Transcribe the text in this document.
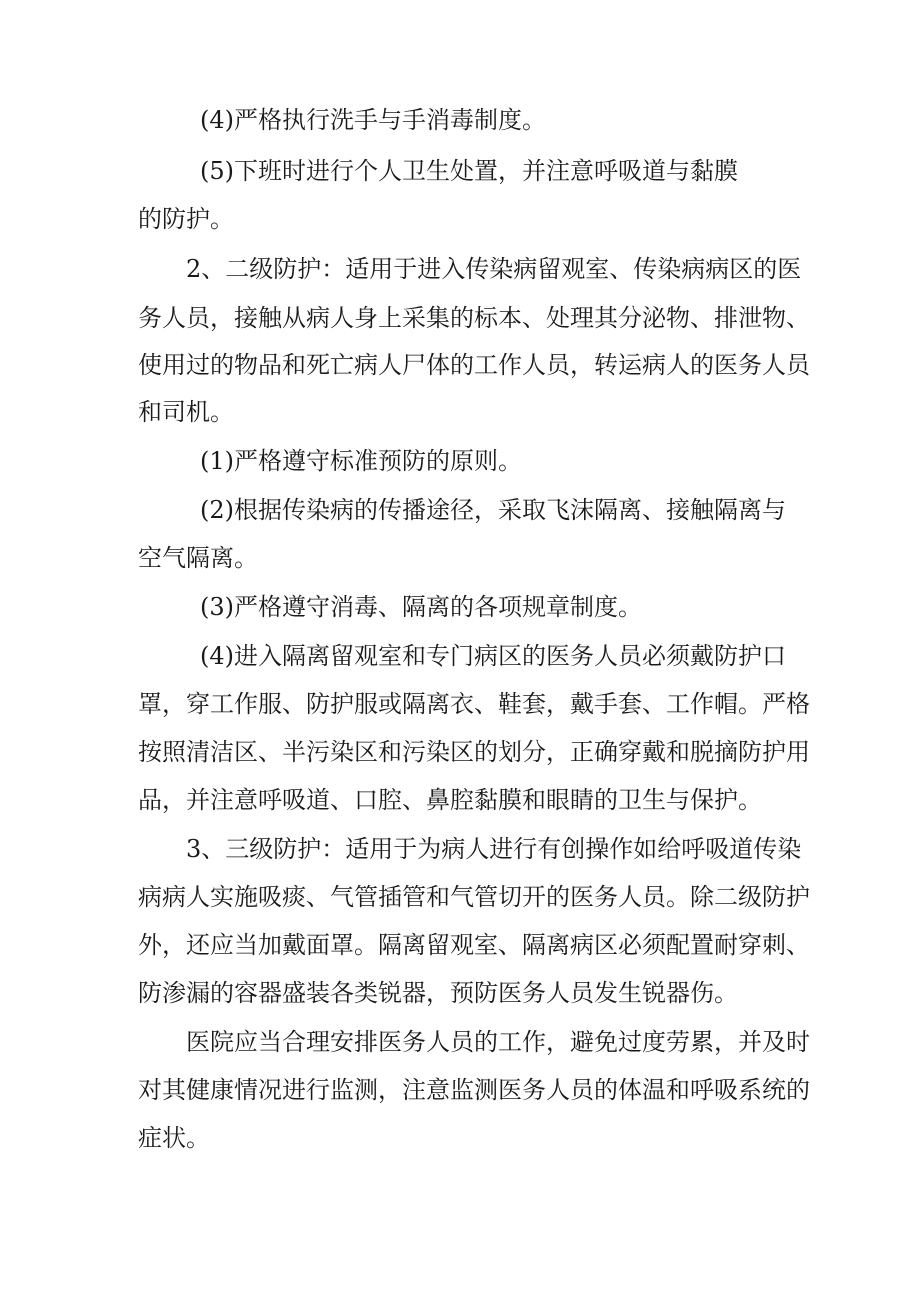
(4)严格执行洗手与手消毒制度。
(5)下班时进行个人卫生处置，并注意呼吸道与黏膜
的防护。
2、二级防护：适用于进入传染病留观室、传染病病区的医
务人员，接触从病人身上采集的标本、处理其分泌物、排泄物、
使用过的物品和死亡病人尸体的工作人员，转运病人的医务人员
和司机。
(1)严格遵守标准预防的原则。
(2)根据传染病的传播途径，采取飞沫隔离、接触隔离与
空气隔离。
(3)严格遵守消毒、隔离的各项规章制度。
(4)进入隔离留观室和专门病区的医务人员必须戴防护口
罩，穿工作服、防护服或隔离衣、鞋套，戴手套、工作帽。严格
按照清洁区、半污染区和污染区的划分，正确穿戴和脱摘防护用
品，并注意呼吸道、口腔、鼻腔黏膜和眼睛的卫生与保护。
3、三级防护：适用于为病人进行有创操作如给呼吸道传染
病病人实施吸痰、气管插管和气管切开的医务人员。除二级防护
外，还应当加戴面罩。隔离留观室、隔离病区必须配置耐穿刺、
防渗漏的容器盛装各类锐器，预防医务人员发生锐器伤。
医院应当合理安排医务人员的工作，避免过度劳累，并及时
对其健康情况进行监测，注意监测医务人员的体温和呼吸系统的
症状。
